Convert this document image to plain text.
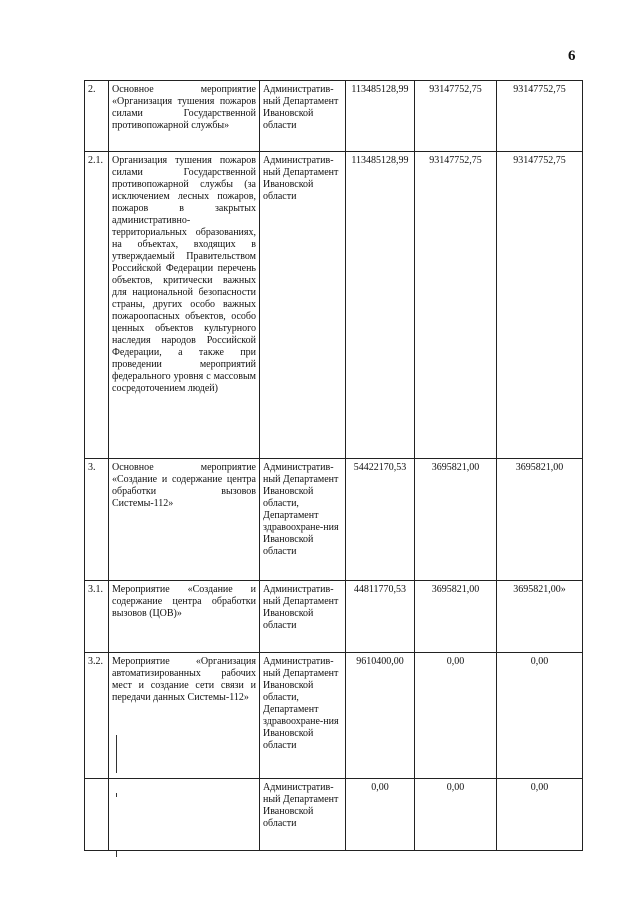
6
2.	Основное мероприятие «Организация тушения пожаров силами Государственной противопожарной службы»	Административ-ный Департамент Ивановской области	113485128,99	93147752,75	93147752,75
2.1.	Организация тушения пожаров силами Государственной противопожарной службы (за исключением лесных пожаров, пожаров в закрытых административно-территориальных образованиях, на объектах, входящих в утверждаемый Правительством Российской Федерации перечень объектов, критически важных для национальной безопасности страны, других особо важных пожароопасных объектов, особо ценных объектов культурного наследия народов Российской Федерации, а также при проведении мероприятий федерального уровня с массовым сосредоточением людей)	Административ-ный Департамент Ивановской области	113485128,99	93147752,75	93147752,75
3.	Основное мероприятие «Создание и содержание центра обработки вызовов Системы-112»	Административ-ный Департамент Ивановской области, Департамент здравоохране-ния Ивановской области	54422170,53	3695821,00	3695821,00
3.1.	Мероприятие «Создание и содержание центра обработки вызовов (ЦОВ)»	Административ-ный Департамент Ивановской области	44811770,53	3695821,00	3695821,00»
3.2.	Мероприятие «Организация автоматизированных рабочих мест и создание сети связи и передачи данных Системы-112»	Административ-ный Департамент Ивановской области, Департамент здравоохране-ния Ивановской области	9610400,00	0,00	0,00
		Административ-ный Департамент Ивановской области	0,00	0,00	0,00
